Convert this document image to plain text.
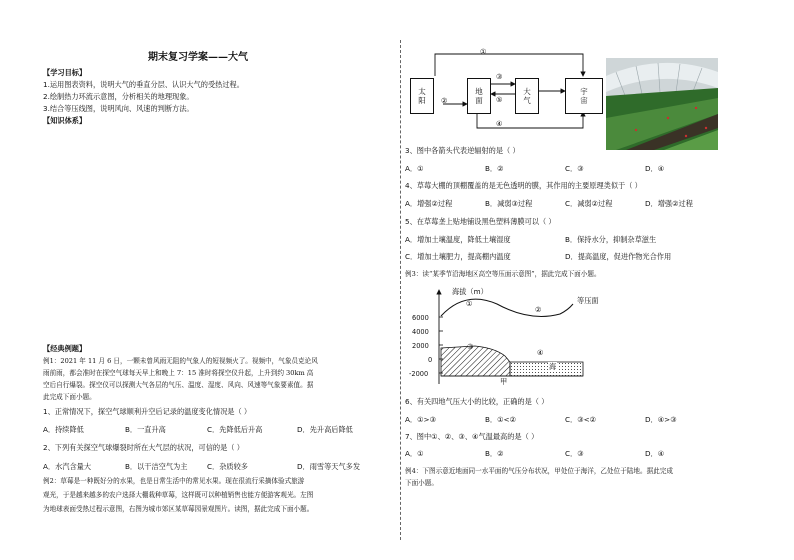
期末复习学案——大气
【学习目标】
1.运用图表资料，说明大气的垂直分层、认识大气的受热过程。
2.绘制热力环流示意图，分析相关的地理现象。
3.结合等压线图，说明风向、风速的判断方法。
【知识体系】
【经典例题】
例1：2021 年 11 月 6 日，一颗未曾风雨无阻的气象人的短视频火了。视频中，气象员克论风
雨前雨，都会准时在探空气球每天早上和晚上 7：15 准时将探空仪升起，上升到约 30km 高
空后自行爆裂。探空仪可以探测大气各层的气压、温度、湿度、风向、风速等气象要素值。据
此完成下面小题。
1、正常情况下，探空气球顺利升空后记录的温度变化情况是（ ）
A．持续降低	B．一直升高	C．先降低后升高	D．先升高后降低
2、下列有关探空气球爆裂时所在大气层的状况，可信的是（ ）
A．水汽含量大	B．以干洁空气为主	C．杂质较多	D．雨雪等天气多发
例2：草莓是一种既好分的水果，也是日常生活中的常见水果。现在很流行采摘体验式旅游
观光，于是越来越多的农户选择大棚栽种草莓，这样既可以种植销售也能方便游客观光。左图
为地球表面受热过程示意图，右图为城市郊区某草莓园景观图片。读图，据此完成下面小题。
太
阳
地
面
大
气
宇
宙
①
②
③
④
⑤
3、图中各箭头代表逆辐射的是（ ）
A．①	B．②	C．③	D．④
4、草莓大棚的顶棚覆盖的是无色透明的膜，其作用的主要原理类似于（ ）
A．增强②过程	B．减弱③过程	C．减弱②过程	D．增强②过程
5、在草莓垄上贴地铺设黑色塑料薄膜可以（ ）
A．增加土壤温度，降低土壤湿度	B．保持水分，抑制杂草滋生
C．增加土壤肥力，提高棚内温度	D．提高温度，促进作物光合作用
例3：读“某季节沿海地区高空等压面示意图”，据此完成下面小题。
海拔（m）
等压面
6000
4000
2000
0
-2000
①
②
③
④
海
甲
6、有关四地气压大小的比较，正确的是（ ）
A．①>③	B．①<②	C．③<②	D．④>③
7、图中①、②、③、④气温最高的是（ ）
A．①	B．②	C．③	D．④
例4：下图示意近地面同一水平面的气压分布状况，甲处位于海洋，乙处位于陆地。据此完成
下面小题。
